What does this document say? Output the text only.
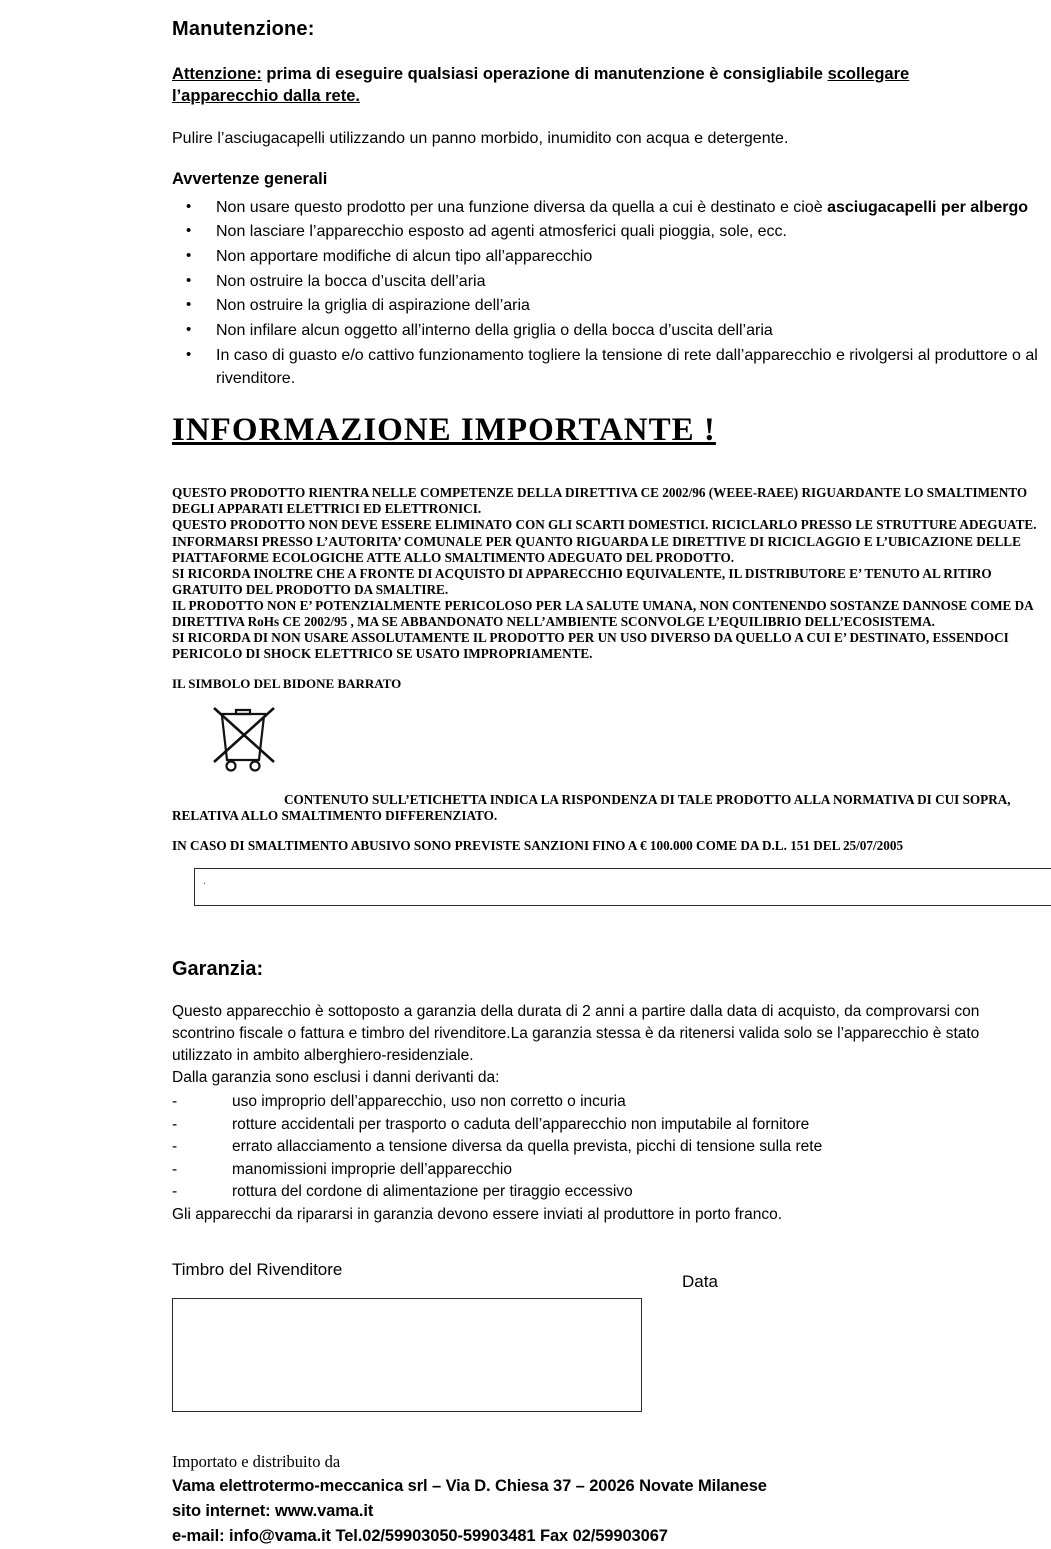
Manutenzione:

Attenzione: prima di eseguire qualsiasi operazione di manutenzione è consigliabile scollegare l’apparecchio dalla rete.

Pulire l’asciugacapelli utilizzando un panno morbido, inumidito con acqua e detergente.

Avvertenze generali
• Non usare questo prodotto per una funzione diversa da quella a cui è destinato e cioè asciugacapelli per albergo
• Non lasciare l’apparecchio esposto ad agenti atmosferici quali pioggia, sole, ecc.
• Non apportare modifiche di alcun tipo all’apparecchio
• Non ostruire la bocca d’uscita dell’aria
• Non ostruire la griglia di aspirazione dell’aria
• Non infilare alcun oggetto all’interno della griglia o della bocca d’uscita dell’aria
• In caso di guasto e/o cattivo funzionamento togliere la tensione di rete dall’apparecchio e rivolgersi al produttore o al rivenditore.
INFORMAZIONE IMPORTANTE !

QUESTO PRODOTTO RIENTRA NELLE COMPETENZE DELLA DIRETTIVA CE 2002/96 (WEEE-RAEE) RIGUARDANTE LO SMALTIMENTO DEGLI APPARATI ELETTRICI ED ELETTRONICI.

QUESTO PRODOTTO NON DEVE ESSERE ELIMINATO CON GLI SCARTI DOMESTICI. RICICLARLO PRESSO LE STRUTTURE ADEGUATE.

INFORMARSI PRESSO L’AUTORITA’ COMUNALE PER QUANTO RIGUARDA LE DIRETTIVE DI RICICLAGGIO E L’UBICAZIONE DELLE PIATTAFORME ECOLOGICHE ATTE ALLO SMALTIMENTO ADEGUATO DEL PRODOTTO.

SI RICORDA INOLTRE CHE A FRONTE DI ACQUISTO DI APPARECCHIO EQUIVALENTE, IL DISTRIBUTORE E’ TENUTO AL RITIRO GRATUITO DEL PRODOTTO DA SMALTIRE.

IL PRODOTTO NON E’ POTENZIALMENTE PERICOLOSO PER LA SALUTE UMANA, NON CONTENENDO SOSTANZE DANNOSE COME DA DIRETTIVA RoHs CE 2002/95 , MA SE ABBANDONATO NELL’AMBIENTE SCONVOLGE L’EQUILIBRIO DELL’ECOSISTEMA.

SI RICORDA DI NON USARE ASSOLUTAMENTE IL PRODOTTO PER UN USO DIVERSO DA QUELLO A CUI E’ DESTINATO, ESSENDOCI PERICOLO DI SHOCK ELETTRICO SE USATO IMPROPRIAMENTE.

IL SIMBOLO DEL BIDONE BARRATO

CONTENUTO SULL’ETICHETTA INDICA LA RISPONDENZA DI TALE PRODOTTO ALLA NORMATIVA DI CUI SOPRA, RELATIVA ALLO SMALTIMENTO DIFFERENZIATO.

IN CASO DI SMALTIMENTO ABUSIVO SONO PREVISTE SANZIONI FINO A € 100.000 COME DA D.L. 151 DEL 25/07/2005

.
Garanzia:

Questo apparecchio è sottoposto a garanzia della durata di 2 anni a partire dalla data di acquisto, da comprovarsi con scontrino fiscale o fattura e timbro del rivenditore.La garanzia stessa è da ritenersi valida solo se l’apparecchio è stato utilizzato in ambito alberghiero-residenziale.

Dalla garanzia sono esclusi i danni derivanti da:

- uso improprio dell’apparecchio, uso non corretto o incuria
- rotture accidentali per trasporto o caduta dell’apparecchio non imputabile al fornitore
- errato allacciamento a tensione diversa da quella prevista, picchi di tensione sulla rete
- manomissioni improprie dell’apparecchio
- rottura del cordone di alimentazione per tiraggio eccessivo

Gli apparecchi da ripararsi in garanzia devono essere inviati al produttore in porto franco.

Timbro del Rivenditore
Data
Importato e distribuito da
Vama elettrotermo-meccanica srl – Via D. Chiesa 37 – 20026 Novate Milanese
sito internet: www.vama.it
e-mail: info@vama.it Tel.02/59903050-59903481 Fax 02/59903067
